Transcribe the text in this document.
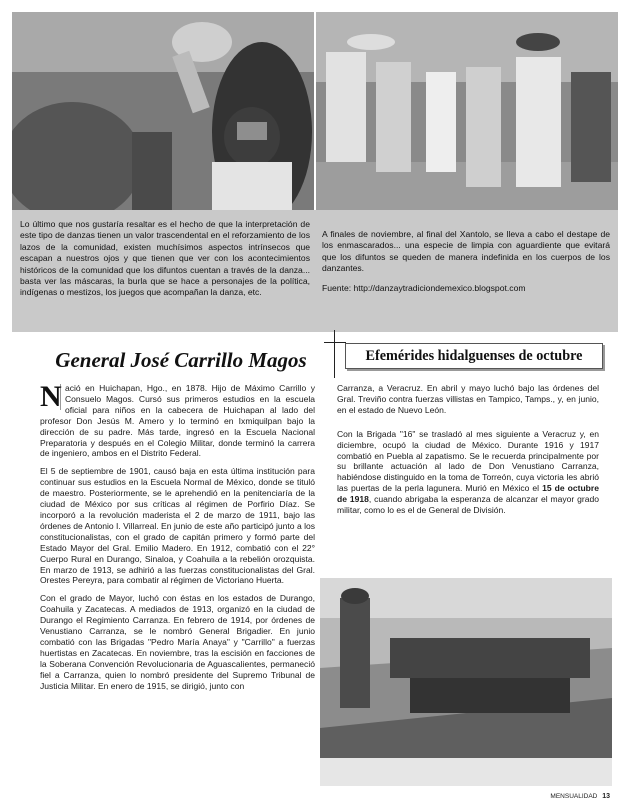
Lo último que nos gustaría resaltar es el hecho de que la interpretación de este tipo de danzas tienen un valor trascendental en el reforzamiento de los lazos de la comunidad, existen muchísimos aspectos intrínsecos que escapan a nuestros ojos y que tienen que ver con los acontecimientos históricos de la comunidad que los difuntos cuentan a través de la danza... basta ver las máscaras, la burla que se hace a personajes de la política, indígenas o mestizos, los juegos que acompañan la danza, etc.

A finales de noviembre, al final del Xantolo, se lleva a cabo el destape de los enmascarados... una especie de limpia con aguardiente que evitará que los difuntos se queden de manera indefinida en los cuerpos de los danzantes.

Fuente: http://danzaytradiciondemexico.blogspot.com

General José Carrillo Magos	Efemérides hidalguenses de octubre

N ació en Huichapan, Hgo., en 1878. Hijo de Máximo Carrillo y Consuelo Magos. Cursó sus primeros estudios en la escuela oficial para niños en la cabecera de Huichapan al lado del profesor Don Jesús M. Amero y lo terminó en Ixmiquilpan bajo la dirección de su padre. Más tarde, ingresó en la Escuela Nacional Preparatoria y después en el Colegio Militar, donde terminó la carrera de ingeniero, ambos en el Distrito Federal.

El 5 de septiembre de 1901, causó baja en esta última institución para continuar sus estudios en la Escuela Normal de México, donde se tituló de maestro. Posteriormente, se le aprehendió en la penitenciaría de la ciudad de México por sus críticas al régimen de Porfirio Díaz. Se incorporó a la revolución maderista el 2 de marzo de 1911, bajo las órdenes de Antonio I. Villarreal. En junio de este año participó junto a los constitucionalistas, con el grado de capitán primero y formó parte del Estado Mayor del Gral. Emilio Madero. En 1912, combatió con el 22° Cuerpo Rural en Durango, Sinaloa, y Coahuila a la rebelión orozquista. En marzo de 1913, se adhirió a las fuerzas constitucionalistas del Gral. Orestes Pereyra, para combatir al régimen de Victoriano Huerta.

Con el grado de Mayor, luchó con éstas en los estados de Durango, Coahuila y Zacatecas. A mediados de 1913, organizó en la ciudad de Durango el Regimiento Carranza. En febrero de 1914, por órdenes de Venustiano Carranza, se le nombró General Brigadier. En junio combatió con las Brigadas "Pedro María Anaya" y "Carrillo" a fuerzas huertistas en Zacatecas. En noviembre, tras la escisión en facciones de la Soberana Convención Revolucionaria de Aguascalientes, permaneció fiel a Carranza, quien lo nombró presidente del Supremo Tribunal de Justicia Militar. En enero de 1915, se dirigió, junto con

Carranza, a Veracruz. En abril y mayo luchó bajo las órdenes del Gral. Treviño contra fuerzas villistas en Tampico, Tamps., y, en junio, en el estado de Nuevo León.

Con la Brigada "16" se trasladó al mes siguiente a Veracruz y, en diciembre, ocupó la ciudad de México. Durante 1916 y 1917 combatió en Puebla al zapatismo. Se le recuerda principalmente por su brillante actuación al lado de Don Venustiano Carranza, habiéndose distinguido en la toma de Torreón, cuya victoria les abrió las puertas de la perla lagunera. Murió en México el 15 de octubre de 1918, cuando abrigaba la esperanza de alcanzar el mayor grado militar, como lo es el de General de División.

MENSUALIDAD 13
